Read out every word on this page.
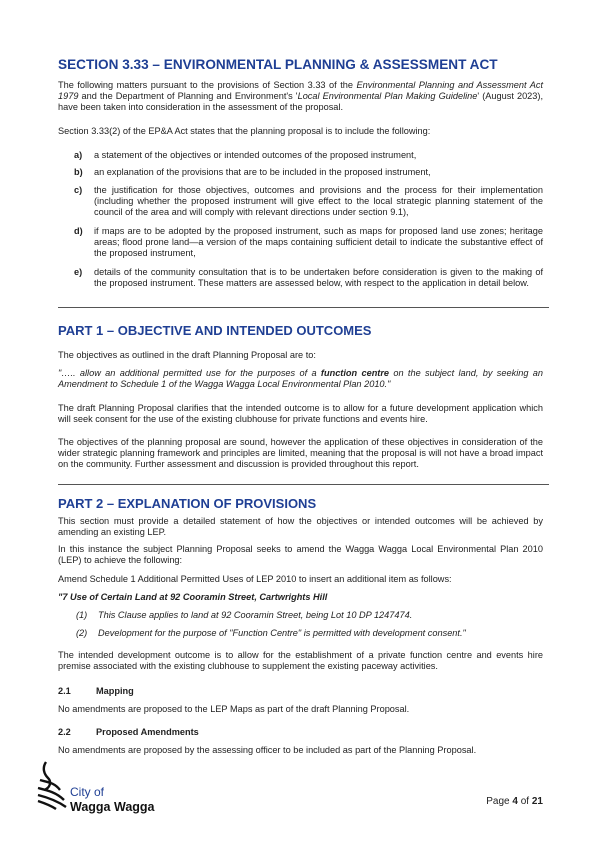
SECTION 3.33 – ENVIRONMENTAL PLANNING & ASSESSMENT ACT

The following matters pursuant to the provisions of Section 3.33 of the Environmental Planning and Assessment Act 1979 and the Department of Planning and Environment's 'Local Environmental Plan Making Guideline' (August 2023), have been taken into consideration in the assessment of the proposal.

Section 3.33(2) of the EP&A Act states that the planning proposal is to include the following:

a)	a statement of the objectives or intended outcomes of the proposed instrument,
b)	an explanation of the provisions that are to be included in the proposed instrument,
c)	the justification for those objectives, outcomes and provisions and the process for their implementation (including whether the proposed instrument will give effect to the local strategic planning statement of the council of the area and will comply with relevant directions under section 9.1),
d)	if maps are to be adopted by the proposed instrument, such as maps for proposed land use zones; heritage areas; flood prone land—a version of the maps containing sufficient detail to indicate the substantive effect of the proposed instrument,
e)	details of the community consultation that is to be undertaken before consideration is given to the making of the proposed instrument. These matters are assessed below, with respect to the application in detail below.
PART 1 – OBJECTIVE AND INTENDED OUTCOMES

The objectives as outlined in the draft Planning Proposal are to:

"….. allow an additional permitted use for the purposes of a function centre on the subject land, by seeking an Amendment to Schedule 1 of the Wagga Wagga Local Environmental Plan 2010."

The draft Planning Proposal clarifies that the intended outcome is to allow for a future development application which will seek consent for the use of the existing clubhouse for private functions and events hire.

The objectives of the planning proposal are sound, however the application of these objectives in consideration of the wider strategic planning framework and principles are limited, meaning that the proposal is will not have a broad impact on the community. Further assessment and discussion is provided throughout this report.

PART 2 – EXPLANATION OF PROVISIONS

This section must provide a detailed statement of how the objectives or intended outcomes will be achieved by amending an existing LEP.

In this instance the subject Planning Proposal seeks to amend the Wagga Wagga Local Environmental Plan 2010 (LEP) to achieve the following:

Amend Schedule 1 Additional Permitted Uses of LEP 2010 to insert an additional item as follows:

"7 Use of Certain Land at 92 Cooramin Street, Cartwrights Hill

(1)	This Clause applies to land at 92 Cooramin Street, being Lot 10 DP 1247474.
(2)	Development for the purpose of "Function Centre" is permitted with development consent."

The intended development outcome is to allow for the establishment of a private function centre and events hire premise associated with the existing clubhouse to supplement the existing paceway activities.

2.1	Mapping

No amendments are proposed to the LEP Maps as part of the draft Planning Proposal.

2.2	Proposed Amendments

No amendments are proposed by the assessing officer to be included as part of the Planning Proposal.

City of
Wagga Wagga	Page 4 of 21
